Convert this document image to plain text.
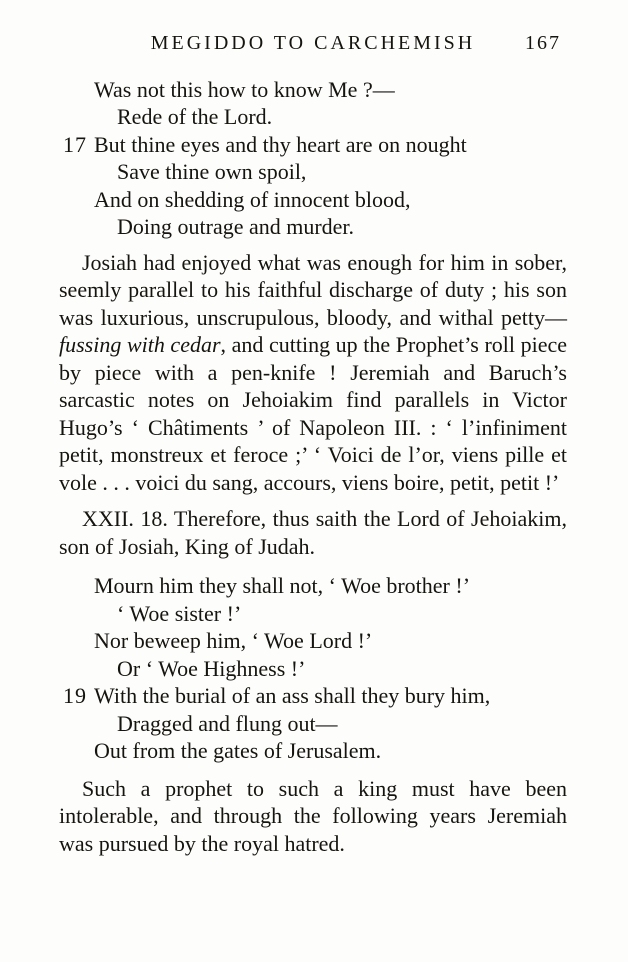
MEGIDDO TO CARCHEMISH 167
Was not this how to know Me ?—
Rede of the Lord.
17 But thine eyes and thy heart are on nought
Save thine own spoil,
And on shedding of innocent blood,
Doing outrage and murder.

Josiah had enjoyed what was enough for him in sober, seemly parallel to his faithful discharge of duty ; his son was luxurious, unscrupulous, bloody, and withal petty—fussing with cedar, and cutting up the Prophet’s roll piece by piece with a pen-knife ! Jeremiah and Baruch’s sarcastic notes on Jehoiakim find parallels in Victor Hugo’s ‘ Châtiments ’ of Napoleon III. : ‘ l’infiniment petit, monstreux et feroce ;’ ‘ Voici de l’or, viens pille et vole . . . voici du sang, accours, viens boire, petit, petit !’

XXII. 18. Therefore, thus saith the Lord of Jehoiakim, son of Josiah, King of Judah.

Mourn him they shall not, ‘ Woe brother !’
‘ Woe sister !’
Nor beweep him, ‘ Woe Lord !’
Or ‘ Woe Highness !’
19 With the burial of an ass shall they bury him,
Dragged and flung out—
Out from the gates of Jerusalem.

Such a prophet to such a king must have been intolerable, and through the following years Jeremiah was pursued by the royal hatred.
